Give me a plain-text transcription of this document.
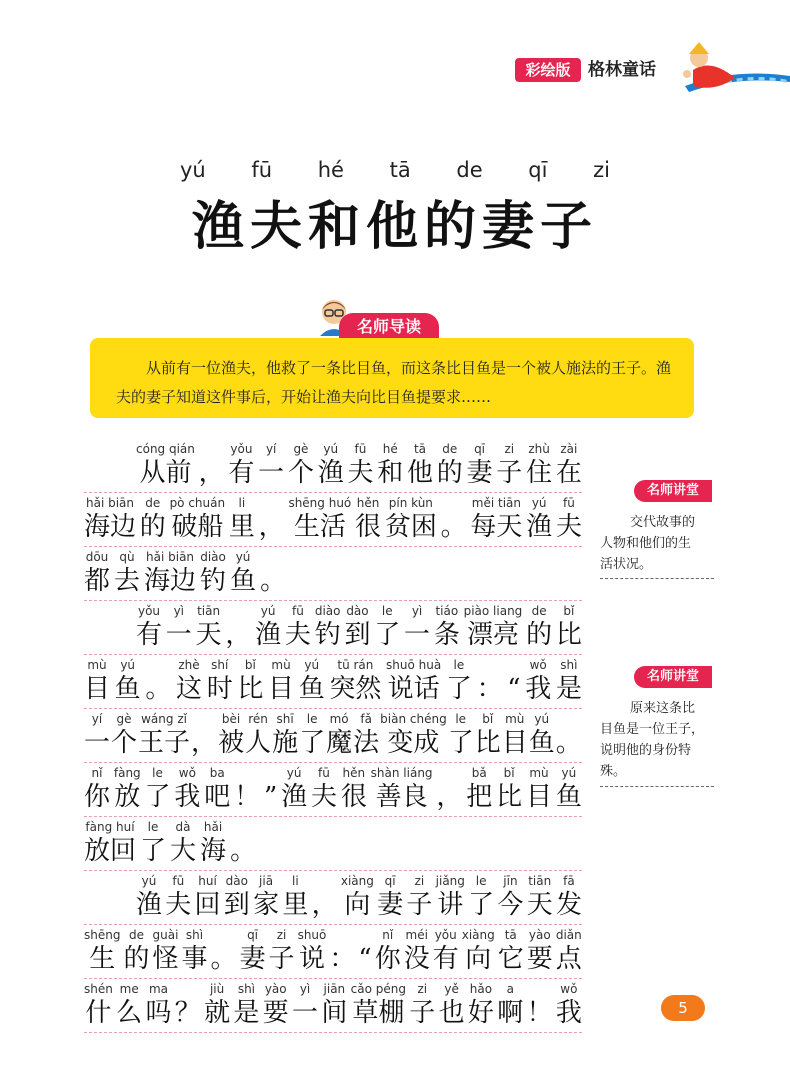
彩绘版	格林童话
yú fū hé tā de qī zi
渔夫和他的妻子
名师导读

从前有一位渔夫，他救了一条比目鱼，而这条比目鱼是一个被人施法的王子。渔夫的妻子知道这件事后，开始让渔夫向比目鱼提要求……

cóng qián
从前 ，
yǒu
有
yí
一
gè
个
yú
渔
fū
夫
hé
和
tā
他
de
的
qī
妻
zi
子
zhù
住
zài
在
hǎi biān
海边
de
的
pò chuán
破船
li
里 ，
shēng huó
生活
hěn
很
pín kùn
贫困 。
měi tiān
每天
yú
渔
fū
夫
dōu
都
qù
去
hǎi biān
海边
diào
钓
yú
鱼 。
yǒu
有
yì
一
tiān
天 ，
yú
渔
fū
夫
diào
钓
dào
到
le
了
yì
一
tiáo
条
piào liang
漂亮
de
的
bǐ
比
mù
目
yú
鱼 。
zhè
这
shí
时
bǐ
比
mù
目
yú
鱼
tū rán
突然
shuō huà
说话
le
了 ： “
wǒ
我
shì
是
yí
一
gè
个
wáng zǐ
王子 ，
bèi
被
rén
人
shī
施
le
了
mó
魔
fǎ
法
biàn chéng
变成
le
了
bǐ
比
mù
目
yú
鱼 。
nǐ
你
fàng
放
le
了
wǒ
我
ba
吧 ！ ”
yú
渔
fū
夫
hěn
很
shàn liáng
善良 ，
bǎ
把
bǐ
比
mù
目
yú
鱼
fàng huí
放回
le
了
dà
大
hǎi
海 。
yú
渔
fū
夫
huí
回
dào
到
jiā
家
li
里 ，
xiàng
向
qī
妻
zi
子
jiǎng
讲
le
了
jīn
今
tiān
天
fā
发
shēng
生
de
的
guài
怪
shì
事 。
qī
妻
zi
子
shuō
说 ： “
nǐ
你
méi
没
yǒu
有
xiàng
向
tā
它
yào
要
diǎn
点
shén
什
me
么
ma
吗 ？
jiù
就
shì
是
yào
要
yì
一
jiān
间
cǎo péng
草棚
zi
子
yě
也
hǎo
好
a
啊 ！
wǒ
我
名师讲堂
交代故事的
人物和他们的生
活状况。
名师讲堂
原来这条比
目鱼是一位王子，
说明他的身份特
殊。
5
